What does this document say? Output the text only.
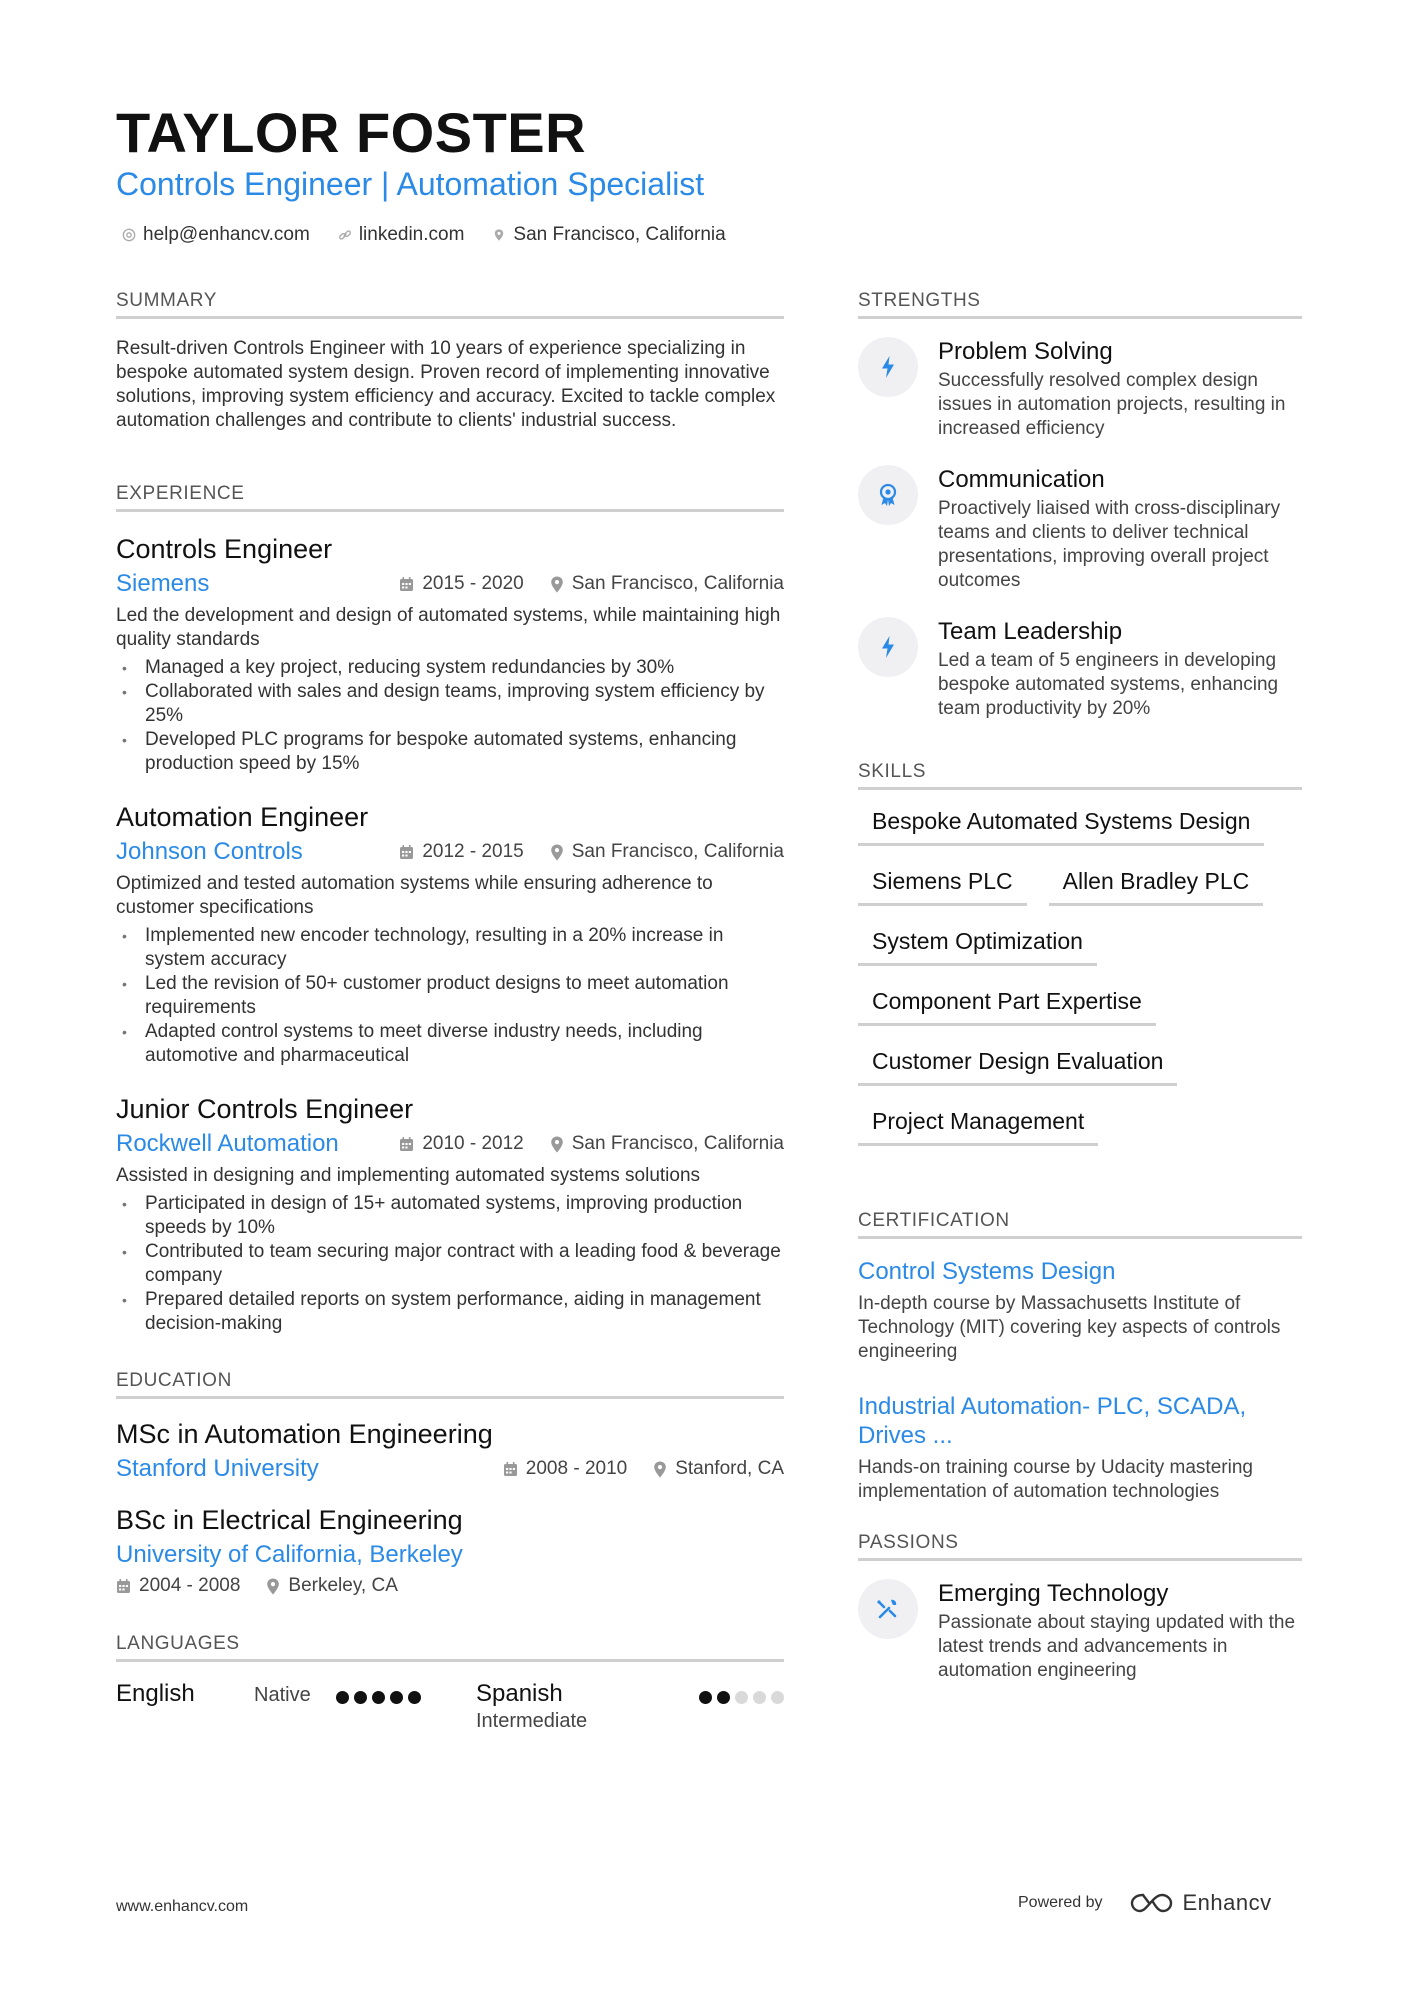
TAYLOR FOSTER
Controls Engineer | Automation Specialist
help@enhancv.com	linkedin.com	San Francisco, California
SUMMARY
Result-driven Controls Engineer with 10 years of experience specializing in bespoke automated system design. Proven record of implementing innovative solutions, improving system efficiency and accuracy. Excited to tackle complex automation challenges and contribute to clients' industrial success.
EXPERIENCE
Controls Engineer
Siemens	2015 - 2020	San Francisco, California
Led the development and design of automated systems, while maintaining high quality standards
• Managed a key project, reducing system redundancies by 30%
• Collaborated with sales and design teams, improving system efficiency by 25%
• Developed PLC programs for bespoke automated systems, enhancing production speed by 15%
Automation Engineer
Johnson Controls	2012 - 2015	San Francisco, California
Optimized and tested automation systems while ensuring adherence to customer specifications
• Implemented new encoder technology, resulting in a 20% increase in system accuracy
• Led the revision of 50+ customer product designs to meet automation requirements
• Adapted control systems to meet diverse industry needs, including automotive and pharmaceutical
Junior Controls Engineer
Rockwell Automation	2010 - 2012	San Francisco, California
Assisted in designing and implementing automated systems solutions
• Participated in design of 15+ automated systems, improving production speeds by 10%
• Contributed to team securing major contract with a leading food & beverage company
• Prepared detailed reports on system performance, aiding in management decision-making
EDUCATION
MSc in Automation Engineering
Stanford University	2008 - 2010	Stanford, CA
BSc in Electrical Engineering
University of California, Berkeley
2004 - 2008	Berkeley, CA
LANGUAGES
English	Native	Spanish
Intermediate
STRENGTHS
Problem Solving
Successfully resolved complex design issues in automation projects, resulting in increased efficiency
Communication
Proactively liaised with cross-disciplinary teams and clients to deliver technical presentations, improving overall project outcomes
Team Leadership
Led a team of 5 engineers in developing bespoke automated systems, enhancing team productivity by 20%
SKILLS
Bespoke Automated Systems Design
Siemens PLC	Allen Bradley PLC
System Optimization
Component Part Expertise
Customer Design Evaluation
Project Management
CERTIFICATION
Control Systems Design
In-depth course by Massachusetts Institute of Technology (MIT) covering key aspects of controls engineering
Industrial Automation- PLC, SCADA, Drives ...
Hands-on training course by Udacity mastering implementation of automation technologies
PASSIONS
Emerging Technology
Passionate about staying updated with the latest trends and advancements in automation engineering
www.enhancv.com	Powered by	Enhancv
